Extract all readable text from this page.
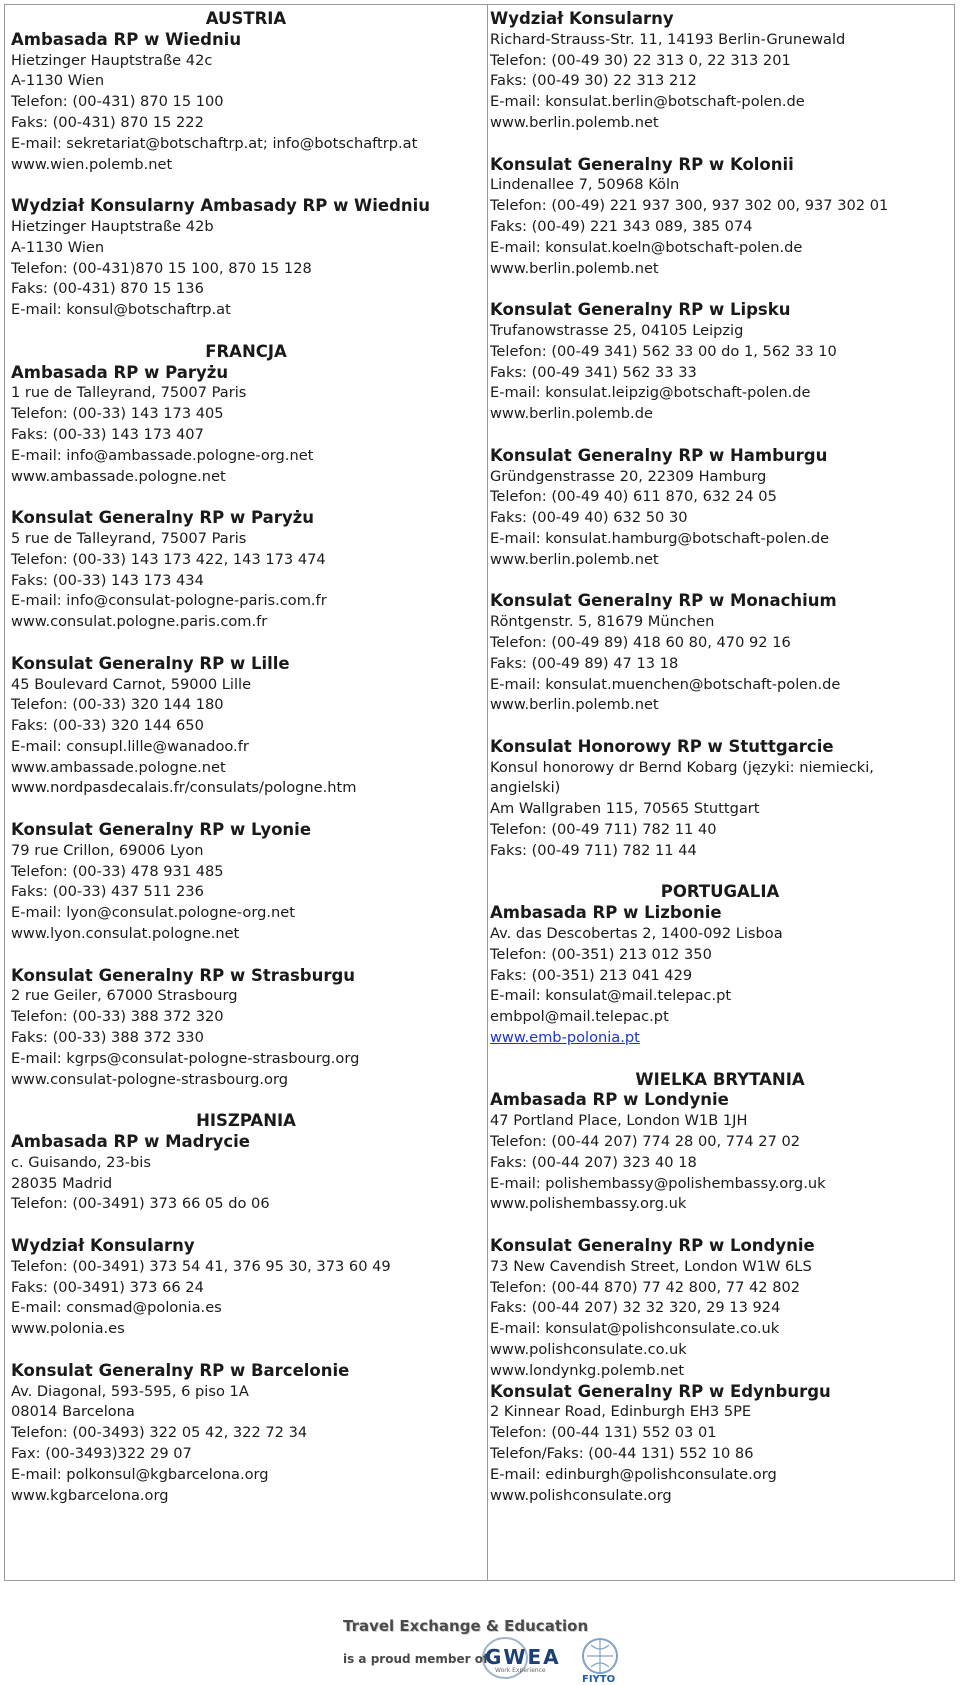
AUSTRIA
Ambasada RP w Wiedniu
Hietzinger Hauptstraße 42c
A-1130 Wien
Telefon: (00-431) 870 15 100
Faks: (00-431) 870 15 222
E-mail: sekretariat@botschaftrp.at; info@botschaftrp.at
www.wien.polemb.net
Wydział Konsularny Ambasady RP w Wiedniu
Hietzinger Hauptstraße 42b
A-1130 Wien
Telefon: (00-431)870 15 100, 870 15 128
Faks: (00-431) 870 15 136
E-mail: konsul@botschaftrp.at
FRANCJA
Ambasada RP w Paryżu
1 rue de Talleyrand, 75007 Paris
Telefon: (00-33) 143 173 405
Faks: (00-33) 143 173 407
E-mail: info@ambassade.pologne-org.net
www.ambassade.pologne.net
Konsulat Generalny RP w Paryżu
5 rue de Talleyrand, 75007 Paris
Telefon: (00-33) 143 173 422, 143 173 474
Faks: (00-33) 143 173 434
E-mail: info@consulat-pologne-paris.com.fr
www.consulat.pologne.paris.com.fr
Konsulat Generalny RP w Lille
45 Boulevard Carnot, 59000 Lille
Telefon: (00-33) 320 144 180
Faks: (00-33) 320 144 650
E-mail: consupl.lille@wanadoo.fr
www.ambassade.pologne.net
www.nordpasdecalais.fr/consulats/pologne.htm
Konsulat Generalny RP w Lyonie
79 rue Crillon, 69006 Lyon
Telefon: (00-33) 478 931 485
Faks: (00-33) 437 511 236
E-mail: lyon@consulat.pologne-org.net
www.lyon.consulat.pologne.net
Konsulat Generalny RP w Strasburgu
2 rue Geiler, 67000 Strasbourg
Telefon: (00-33) 388 372 320
Faks: (00-33) 388 372 330
E-mail: kgrps@consulat-pologne-strasbourg.org
www.consulat-pologne-strasbourg.org
HISZPANIA
Ambasada RP w Madrycie
c. Guisando, 23-bis
28035 Madrid
Telefon: (00-3491) 373 66 05 do 06
Wydział Konsularny
Telefon: (00-3491) 373 54 41, 376 95 30, 373 60 49
Faks: (00-3491) 373 66 24
E-mail: consmad@polonia.es
www.polonia.es
Konsulat Generalny RP w Barcelonie
Av. Diagonal, 593-595, 6 piso 1A
08014 Barcelona
Telefon: (00-3493) 322 05 42, 322 72 34
Fax: (00-3493)322 29 07
E-mail: polkonsul@kgbarcelona.org
www.kgbarcelona.org
Wydział Konsularny
Richard-Strauss-Str. 11, 14193 Berlin-Grunewald
Telefon: (00-49 30) 22 313 0, 22 313 201
Faks: (00-49 30) 22 313 212
E-mail: konsulat.berlin@botschaft-polen.de
www.berlin.polemb.net
Konsulat Generalny RP w Kolonii
Lindenallee 7, 50968 Köln
Telefon: (00-49) 221 937 300, 937 302 00, 937 302 01
Faks: (00-49) 221 343 089, 385 074
E-mail: konsulat.koeln@botschaft-polen.de
www.berlin.polemb.net
Konsulat Generalny RP w Lipsku
Trufanowstrasse 25, 04105 Leipzig
Telefon: (00-49 341) 562 33 00 do 1, 562 33 10
Faks: (00-49 341) 562 33 33
E-mail: konsulat.leipzig@botschaft-polen.de
www.berlin.polemb.de
Konsulat Generalny RP w Hamburgu
Gründgenstrasse 20, 22309 Hamburg
Telefon: (00-49 40) 611 870, 632 24 05
Faks: (00-49 40) 632 50 30
E-mail: konsulat.hamburg@botschaft-polen.de
www.berlin.polemb.net
Konsulat Generalny RP w Monachium
Röntgenstr. 5, 81679 München
Telefon: (00-49 89) 418 60 80, 470 92 16
Faks: (00-49 89) 47 13 18
E-mail: konsulat.muenchen@botschaft-polen.de
www.berlin.polemb.net
Konsulat Honorowy RP w Stuttgarcie
Konsul honorowy dr Bernd Kobarg (języki: niemiecki,
angielski)
Am Wallgraben 115, 70565 Stuttgart
Telefon: (00-49 711) 782 11 40
Faks: (00-49 711) 782 11 44
PORTUGALIA
Ambasada RP w Lizbonie
Av. das Descobertas 2, 1400-092 Lisboa
Telefon: (00-351) 213 012 350
Faks: (00-351) 213 041 429
E-mail: konsulat@mail.telepac.pt
embpol@mail.telepac.pt
www.emb-polonia.pt
WIELKA BRYTANIA
Ambasada RP w Londynie
47 Portland Place, London W1B 1JH
Telefon: (00-44 207) 774 28 00, 774 27 02
Faks: (00-44 207) 323 40 18
E-mail: polishembassy@polishembassy.org.uk
www.polishembassy.org.uk
Konsulat Generalny RP w Londynie
73 New Cavendish Street, London W1W 6LS
Telefon: (00-44 870) 77 42 800, 77 42 802
Faks: (00-44 207) 32 32 320, 29 13 924
E-mail: konsulat@polishconsulate.co.uk
www.polishconsulate.co.uk
www.londynkg.polemb.net
Konsulat Generalny RP w Edynburgu
2 Kinnear Road, Edinburgh EH3 5PE
Telefon: (00-44 131) 552 03 01
Telefon/Faks: (00-44 131) 552 10 86
E-mail: edinburgh@polishconsulate.org
www.polishconsulate.org
Travel Exchange & Education
is a proud member of
GWEA
Work Experience
FIYTO
